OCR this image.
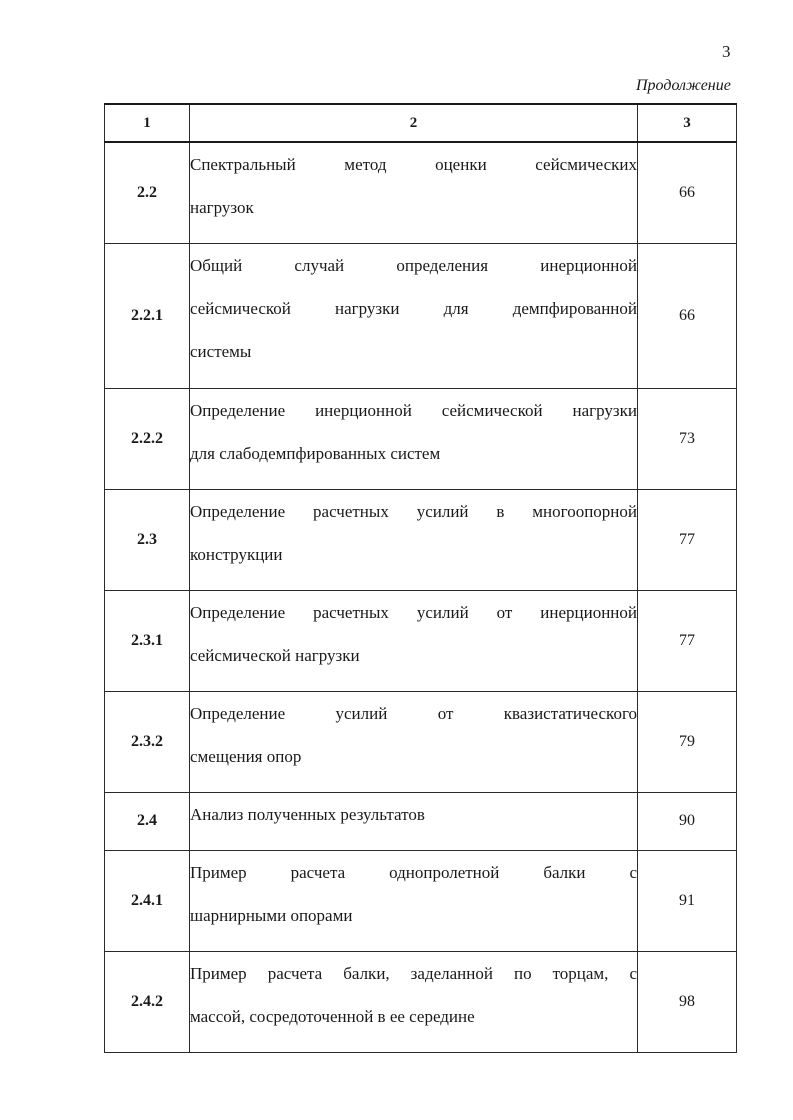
3
Продолжение
1	2	3
2.2	Спектральный метод оценки сейсмических
нагрузок	66
2.2.1	Общий случай определения инерционной
сейсмической нагрузки для демпфированной
системы	66
2.2.2	Определение инерционной сейсмической нагрузки
для слабодемпфированных систем	73
2.3	Определение расчетных усилий в многоопорной
конструкции	77
2.3.1	Определение расчетных усилий от инерционной
сейсмической нагрузки	77
2.3.2	Определение усилий от квазистатического
смещения опор	79
2.4	Анализ полученных результатов	90
2.4.1	Пример расчета однопролетной балки с
шарнирными опорами	91
2.4.2	Пример расчета балки, заделанной по торцам, с
массой, сосредоточенной в ее середине	98
